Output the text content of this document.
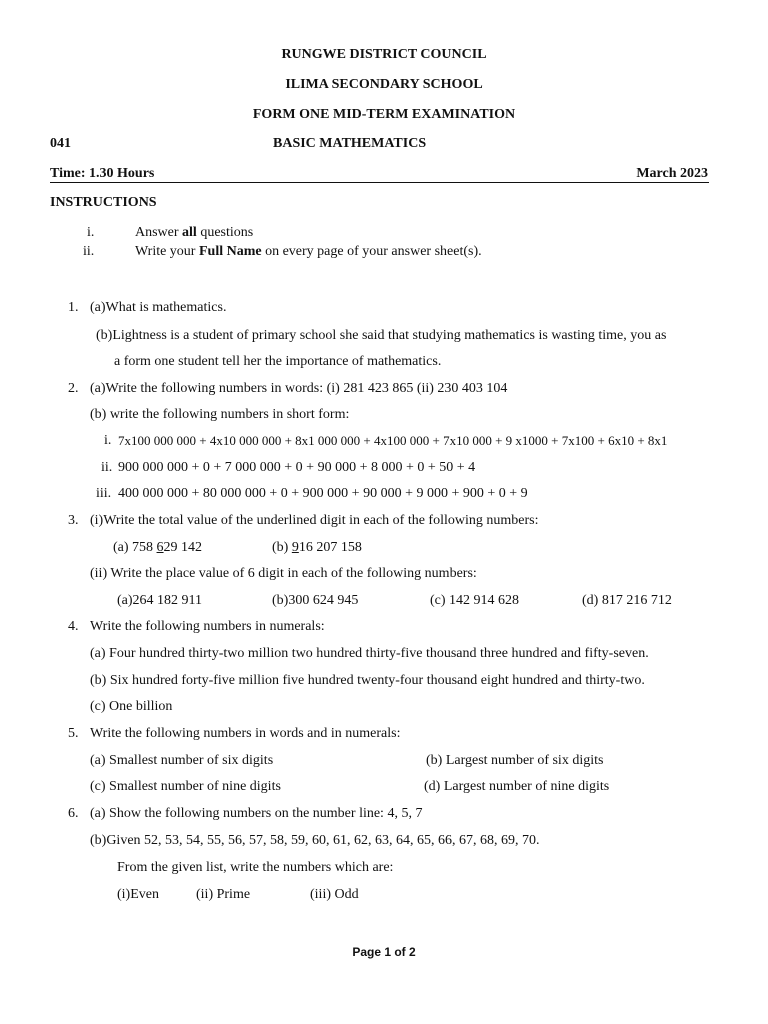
RUNGWE DISTRICT COUNCIL
ILIMA SECONDARY SCHOOL
FORM ONE MID-TERM EXAMINATION
041	BASIC MATHEMATICS
Time: 1.30 Hours	March 2023
INSTRUCTIONS
i.	Answer all questions
ii.	Write your Full Name on every page of your answer sheet(s).
1. (a)What is mathematics.
(b)Lightness is a student of primary school she said that studying mathematics is wasting time, you as
a form one student tell her the importance of mathematics.
2. (a)Write the following numbers in words: (i) 281 423 865 (ii) 230 403 104
(b) write the following numbers in short form:
i. 7x100 000 000 + 4x10 000 000 + 8x1 000 000 + 4x100 000 + 7x10 000 + 9 x1000 + 7x100 + 6x10 + 8x1
ii. 900 000 000 + 0 + 7 000 000 + 0 + 90 000 + 8 000 + 0 + 50 + 4
iii. 400 000 000 + 80 000 000 + 0 + 900 000 + 90 000 + 9 000 + 900 + 0 + 9
3. (i)Write the total value of the underlined digit in each of the following numbers:
(a) 758 629 142	(b) 916 207 158
(ii) Write the place value of 6 digit in each of the following numbers:
(a)264 182 911	(b)300 624 945	(c) 142 914 628	(d) 817 216 712
4. Write the following numbers in numerals:
(a) Four hundred thirty-two million two hundred thirty-five thousand three hundred and fifty-seven.
(b) Six hundred forty-five million five hundred twenty-four thousand eight hundred and thirty-two.
(c) One billion
5. Write the following numbers in words and in numerals:
(a) Smallest number of six digits	(b) Largest number of six digits
(c) Smallest number of nine digits	(d) Largest number of nine digits
6. (a) Show the following numbers on the number line: 4, 5, 7
(b)Given 52, 53, 54, 55, 56, 57, 58, 59, 60, 61, 62, 63, 64, 65, 66, 67, 68, 69, 70.
From the given list, write the numbers which are:
(i)Even	(ii) Prime	(iii) Odd
Page 1 of 2
